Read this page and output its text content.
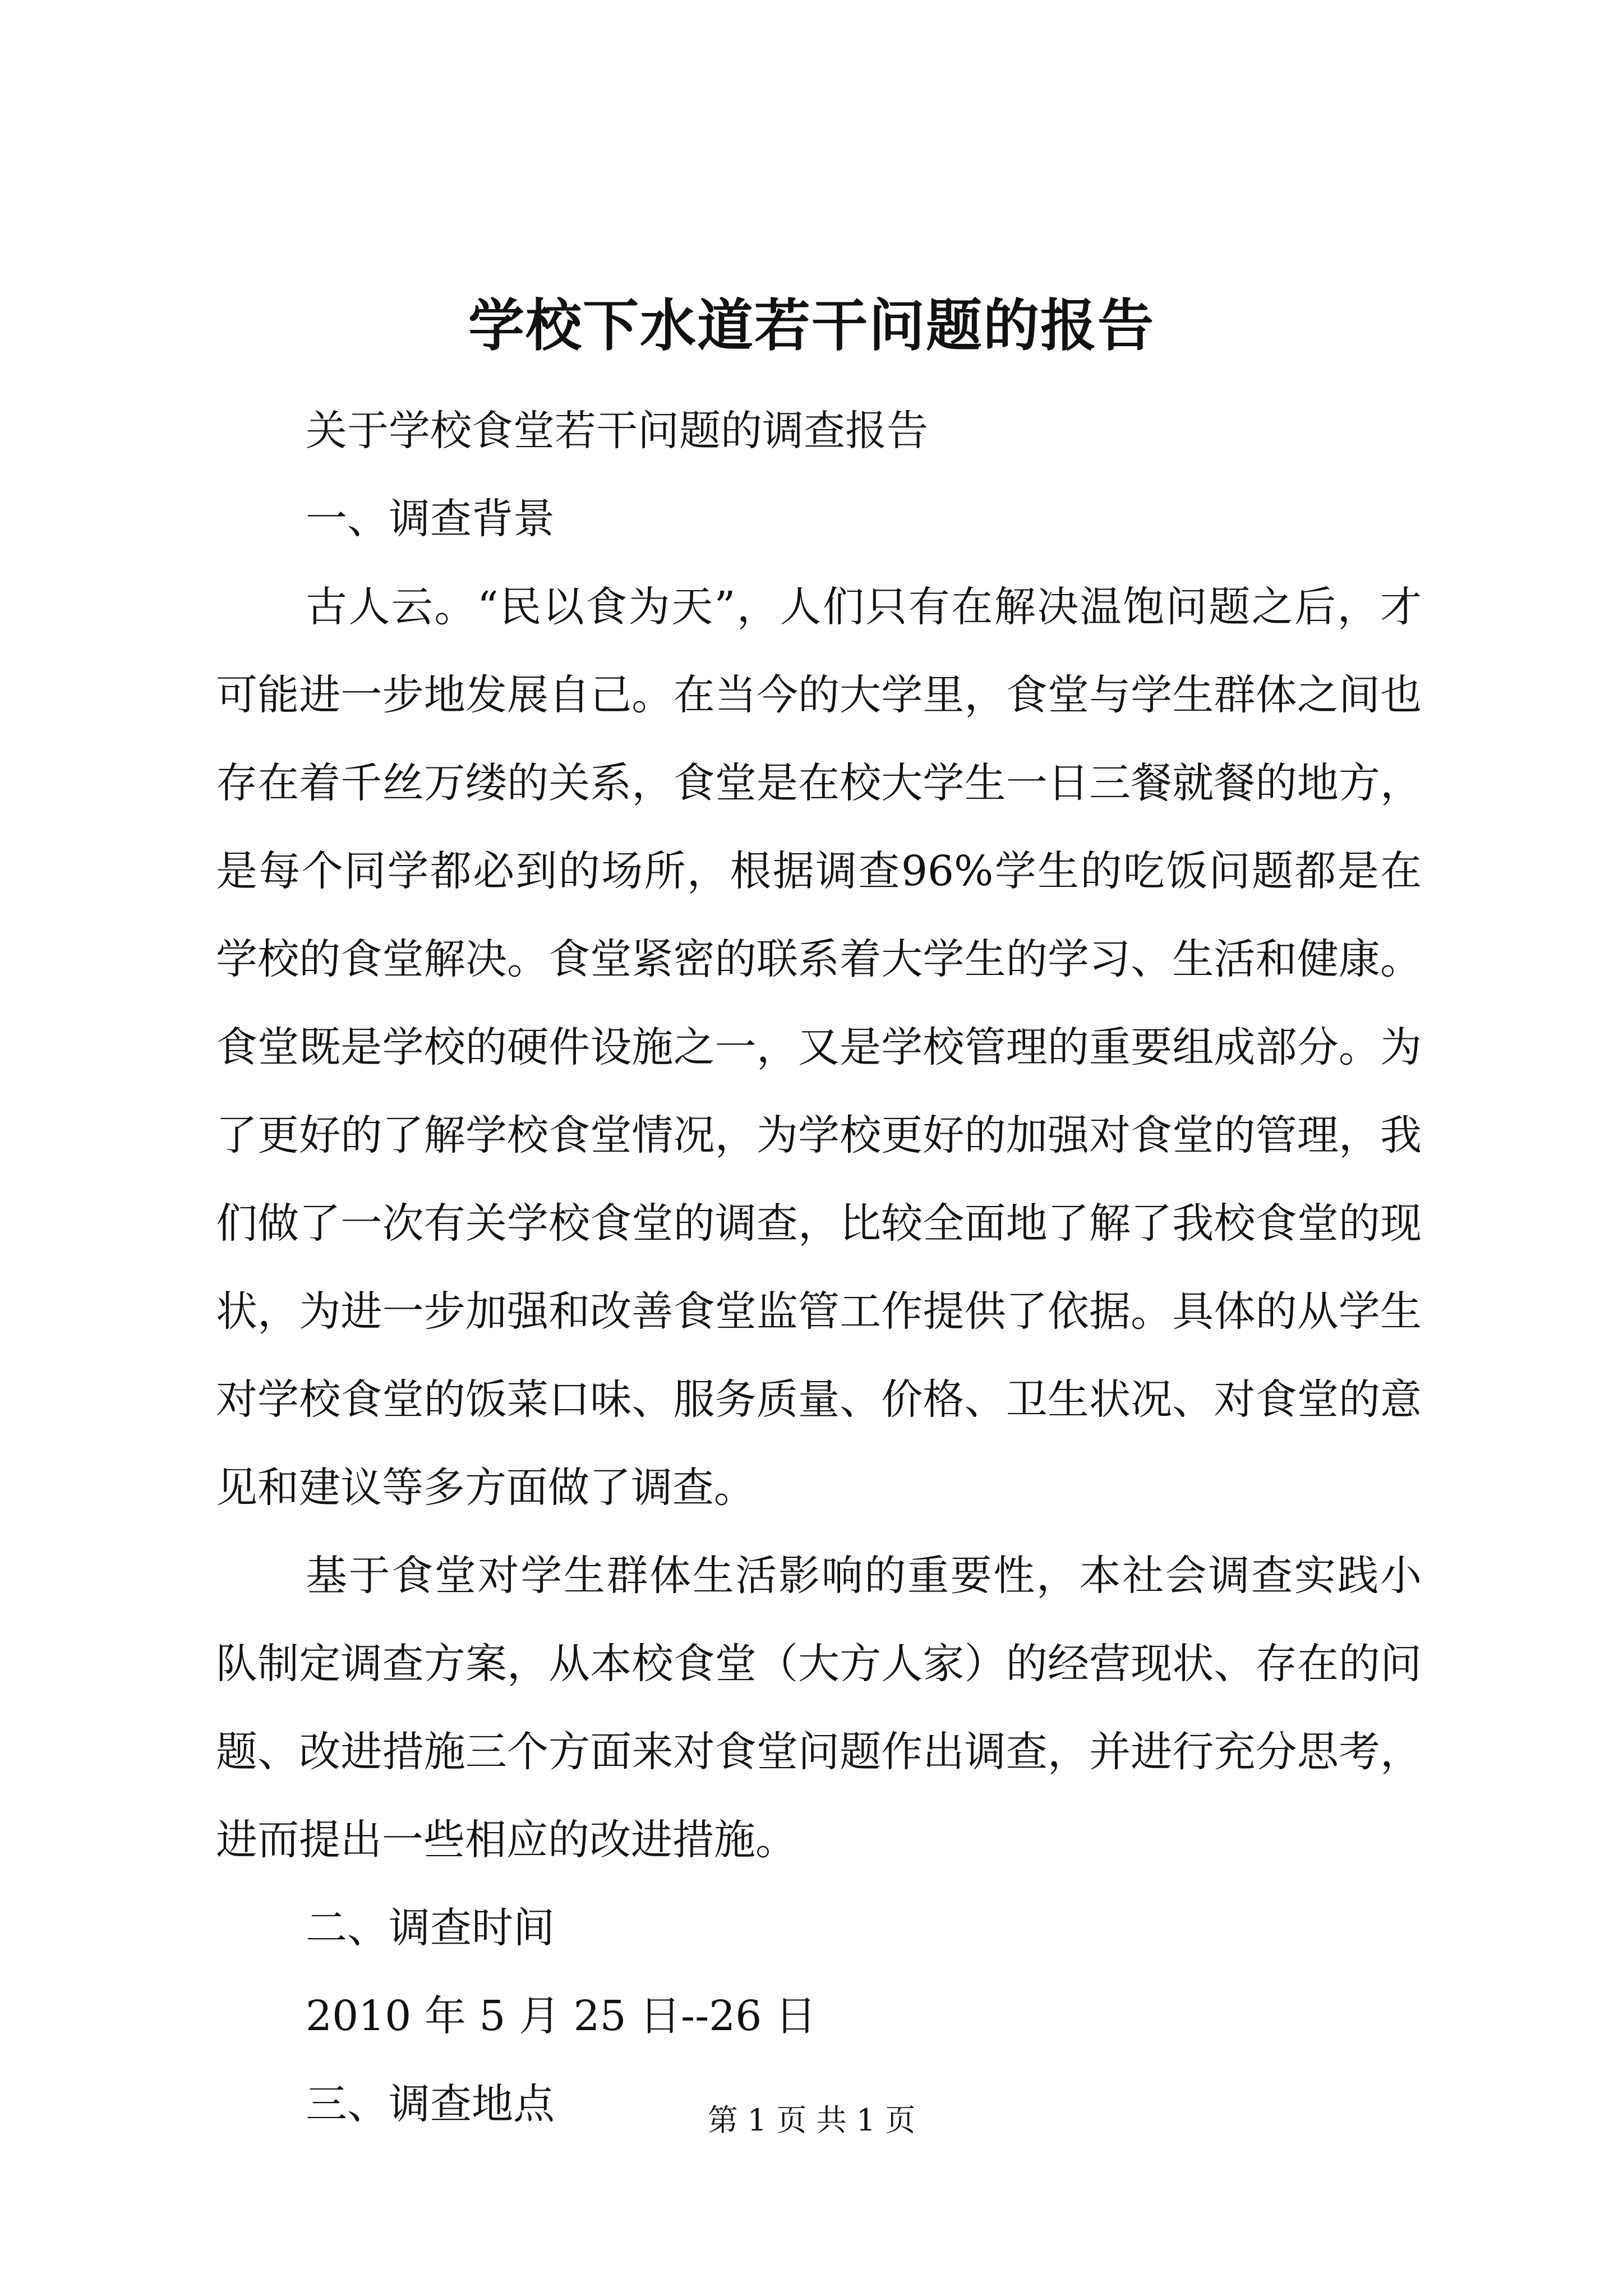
学校下水道若干问题的报告

关于学校食堂若干问题的调查报告

一、调查背景

古人云。“民以食为天”，人们只有在解决温饱问题之后，才可能进一步地发展自己。在当今的大学里，食堂与学生群体之间也存在着千丝万缕的关系，食堂是在校大学生一日三餐就餐的地方，是每个同学都必到的场所，根据调查96%学生的吃饭问题都是在学校的食堂解决。食堂紧密的联系着大学生的学习、生活和健康。食堂既是学校的硬件设施之一，又是学校管理的重要组成部分。为了更好的了解学校食堂情况，为学校更好的加强对食堂的管理，我们做了一次有关学校食堂的调查，比较全面地了解了我校食堂的现状，为进一步加强和改善食堂监管工作提供了依据。具体的从学生对学校食堂的饭菜口味、服务质量、价格、卫生状况、对食堂的意见和建议等多方面做了调查。

基于食堂对学生群体生活影响的重要性，本社会调查实践小队制定调查方案，从本校食堂（大方人家）的经营现状、存在的问题、改进措施三个方面来对食堂问题作出调查，并进行充分思考，进而提出一些相应的改进措施。

二、调查时间

2010 年 5 月 25 日--26 日

三、调查地点	第 1 页 共 1 页
